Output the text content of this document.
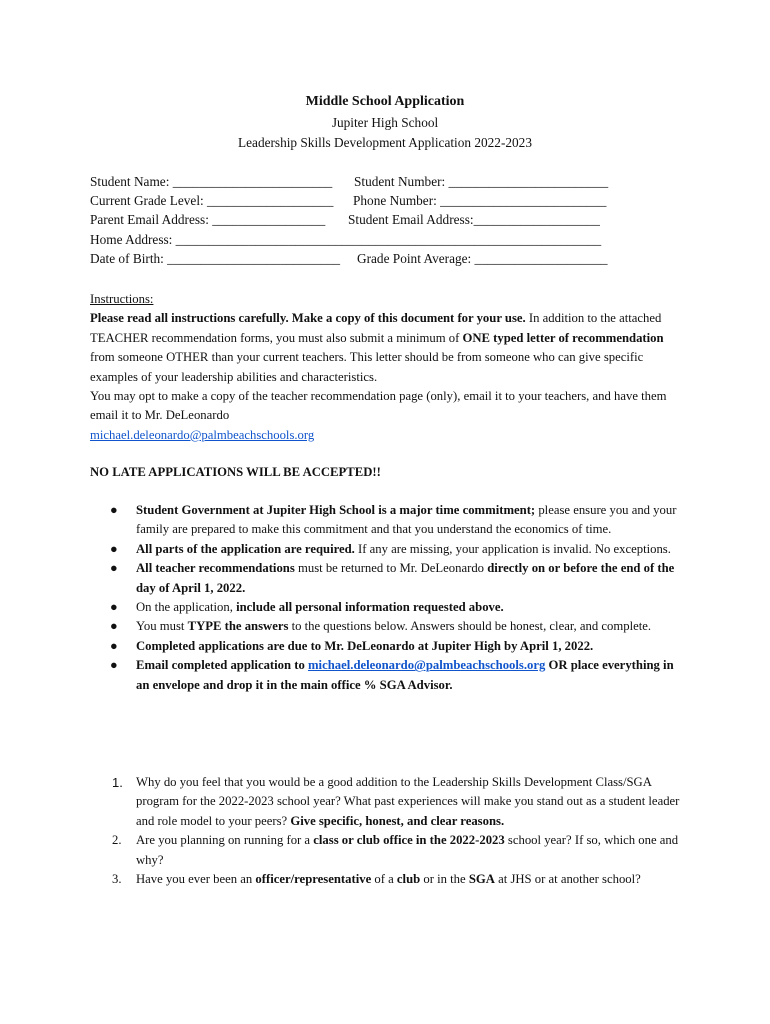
Middle School Application
Jupiter High School
Leadership Skills Development Application 2022-2023
Student Name: ________________________ Student Number: ________________________
Current Grade Level: ___________________ Phone Number: _________________________
Parent Email Address: _________________ Student Email Address:___________________
Home Address: ________________________________________________________________
Date of Birth: __________________________ Grade Point Average: ____________________
Instructions:
Please read all instructions carefully. Make a copy of this document for your use. In addition to the attached TEACHER recommendation forms, you must also submit a minimum of ONE typed letter of recommendation from someone OTHER than your current teachers. This letter should be from someone who can give specific examples of your leadership abilities and characteristics.
You may opt to make a copy of the teacher recommendation page (only), email it to your teachers, and have them email it to Mr. DeLeonardo
michael.deleonardo@palmbeachschools.org
NO LATE APPLICATIONS WILL BE ACCEPTED!!
● Student Government at Jupiter High School is a major time commitment; please ensure you and your family are prepared to make this commitment and that you understand the economics of time.
● All parts of the application are required. If any are missing, your application is invalid. No exceptions.
● All teacher recommendations must be returned to Mr. DeLeonardo directly on or before the end of the day of April 1, 2022.
● On the application, include all personal information requested above.
● You must TYPE the answers to the questions below. Answers should be honest, clear, and complete.
● Completed applications are due to Mr. DeLeonardo at Jupiter High by April 1, 2022.
● Email completed application to michael.deleonardo@palmbeachschools.org OR place everything in an envelope and drop it in the main office % SGA Advisor.
1. Why do you feel that you would be a good addition to the Leadership Skills Development Class/SGA program for the 2022-2023 school year? What past experiences will make you stand out as a student leader and role model to your peers? Give specific, honest, and clear reasons.
2. Are you planning on running for a class or club office in the 2022-2023 school year? If so, which one and why?
3. Have you ever been an officer/representative of a club or in the SGA at JHS or at another school?
